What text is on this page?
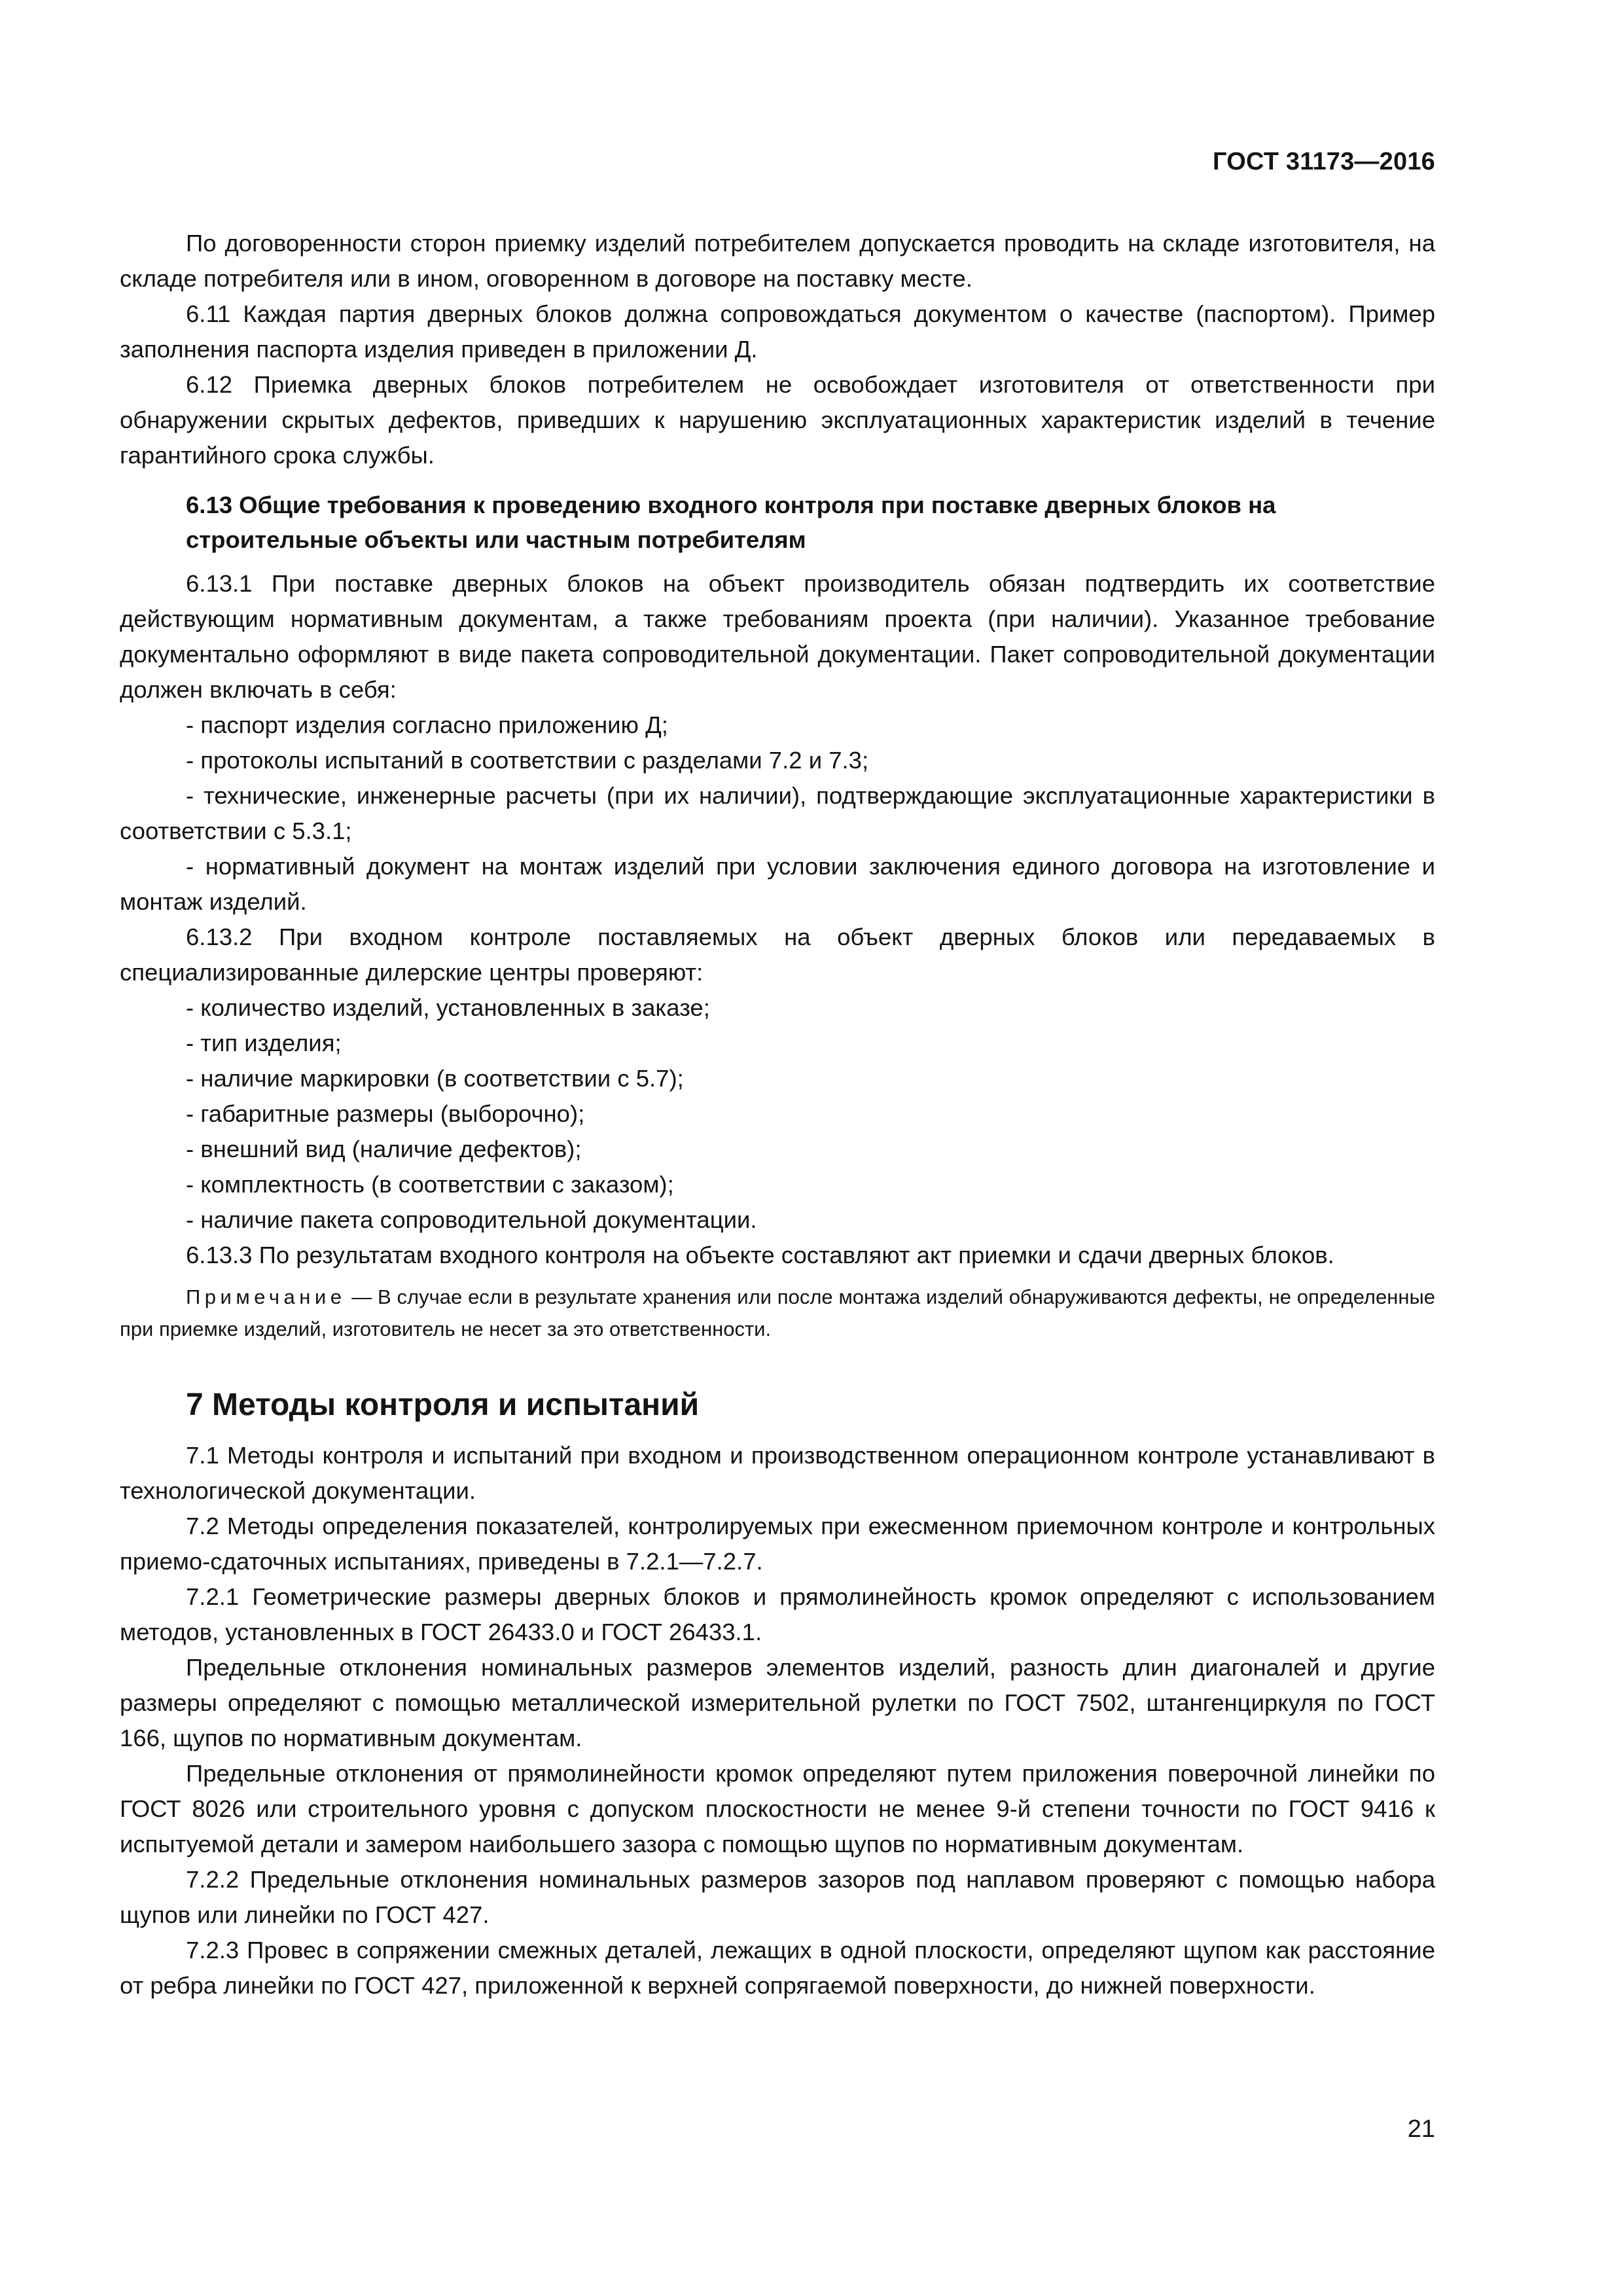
ГОСТ 31173—2016

По договоренности сторон приемку изделий потребителем допускается проводить на складе изготовителя, на складе потребителя или в ином, оговоренном в договоре на поставку месте.

6.11 Каждая партия дверных блоков должна сопровождаться документом о качестве (паспортом). Пример заполнения паспорта изделия приведен в приложении Д.

6.12 Приемка дверных блоков потребителем не освобождает изготовителя от ответственности при обнаружении скрытых дефектов, приведших к нарушению эксплуатационных характеристик изделий в течение гарантийного срока службы.

6.13 Общие требования к проведению входного контроля при поставке дверных блоков на строительные объекты или частным потребителям

6.13.1 При поставке дверных блоков на объект производитель обязан подтвердить их соответствие действующим нормативным документам, а также требованиям проекта (при наличии). Указанное требование документально оформляют в виде пакета сопроводительной документации. Пакет сопроводительной документации должен включать в себя:

- паспорт изделия согласно приложению Д;

- протоколы испытаний в соответствии с разделами 7.2 и 7.3;

- технические, инженерные расчеты (при их наличии), подтверждающие эксплуатационные характеристики в соответствии с 5.3.1;

- нормативный документ на монтаж изделий при условии заключения единого договора на изготовление и монтаж изделий.

6.13.2 При входном контроле поставляемых на объект дверных блоков или передаваемых в специализированные дилерские центры проверяют:

- количество изделий, установленных в заказе;

- тип изделия;

- наличие маркировки (в соответствии с 5.7);

- габаритные размеры (выборочно);

- внешний вид (наличие дефектов);

- комплектность (в соответствии с заказом);

- наличие пакета сопроводительной документации.

6.13.3 По результатам входного контроля на объекте составляют акт приемки и сдачи дверных блоков.

Примечание — В случае если в результате хранения или после монтажа изделий обнаруживаются дефекты, не определенные при приемке изделий, изготовитель не несет за это ответственности.

7 Методы контроля и испытаний

7.1 Методы контроля и испытаний при входном и производственном операционном контроле устанавливают в технологической документации.

7.2 Методы определения показателей, контролируемых при ежесменном приемочном контроле и контрольных приемо-сдаточных испытаниях, приведены в 7.2.1—7.2.7.

7.2.1 Геометрические размеры дверных блоков и прямолинейность кромок определяют с использованием методов, установленных в ГОСТ 26433.0 и ГОСТ 26433.1.

Предельные отклонения номинальных размеров элементов изделий, разность длин диагоналей и другие размеры определяют с помощью металлической измерительной рулетки по ГОСТ 7502, штангенциркуля по ГОСТ 166, щупов по нормативным документам.

Предельные отклонения от прямолинейности кромок определяют путем приложения поверочной линейки по ГОСТ 8026 или строительного уровня с допуском плоскостности не менее 9-й степени точности по ГОСТ 9416 к испытуемой детали и замером наибольшего зазора с помощью щупов по нормативным документам.

7.2.2 Предельные отклонения номинальных размеров зазоров под наплавом проверяют с помощью набора щупов или линейки по ГОСТ 427.

7.2.3 Провес в сопряжении смежных деталей, лежащих в одной плоскости, определяют щупом как расстояние от ребра линейки по ГОСТ 427, приложенной к верхней сопрягаемой поверхности, до нижней поверхности.

21
